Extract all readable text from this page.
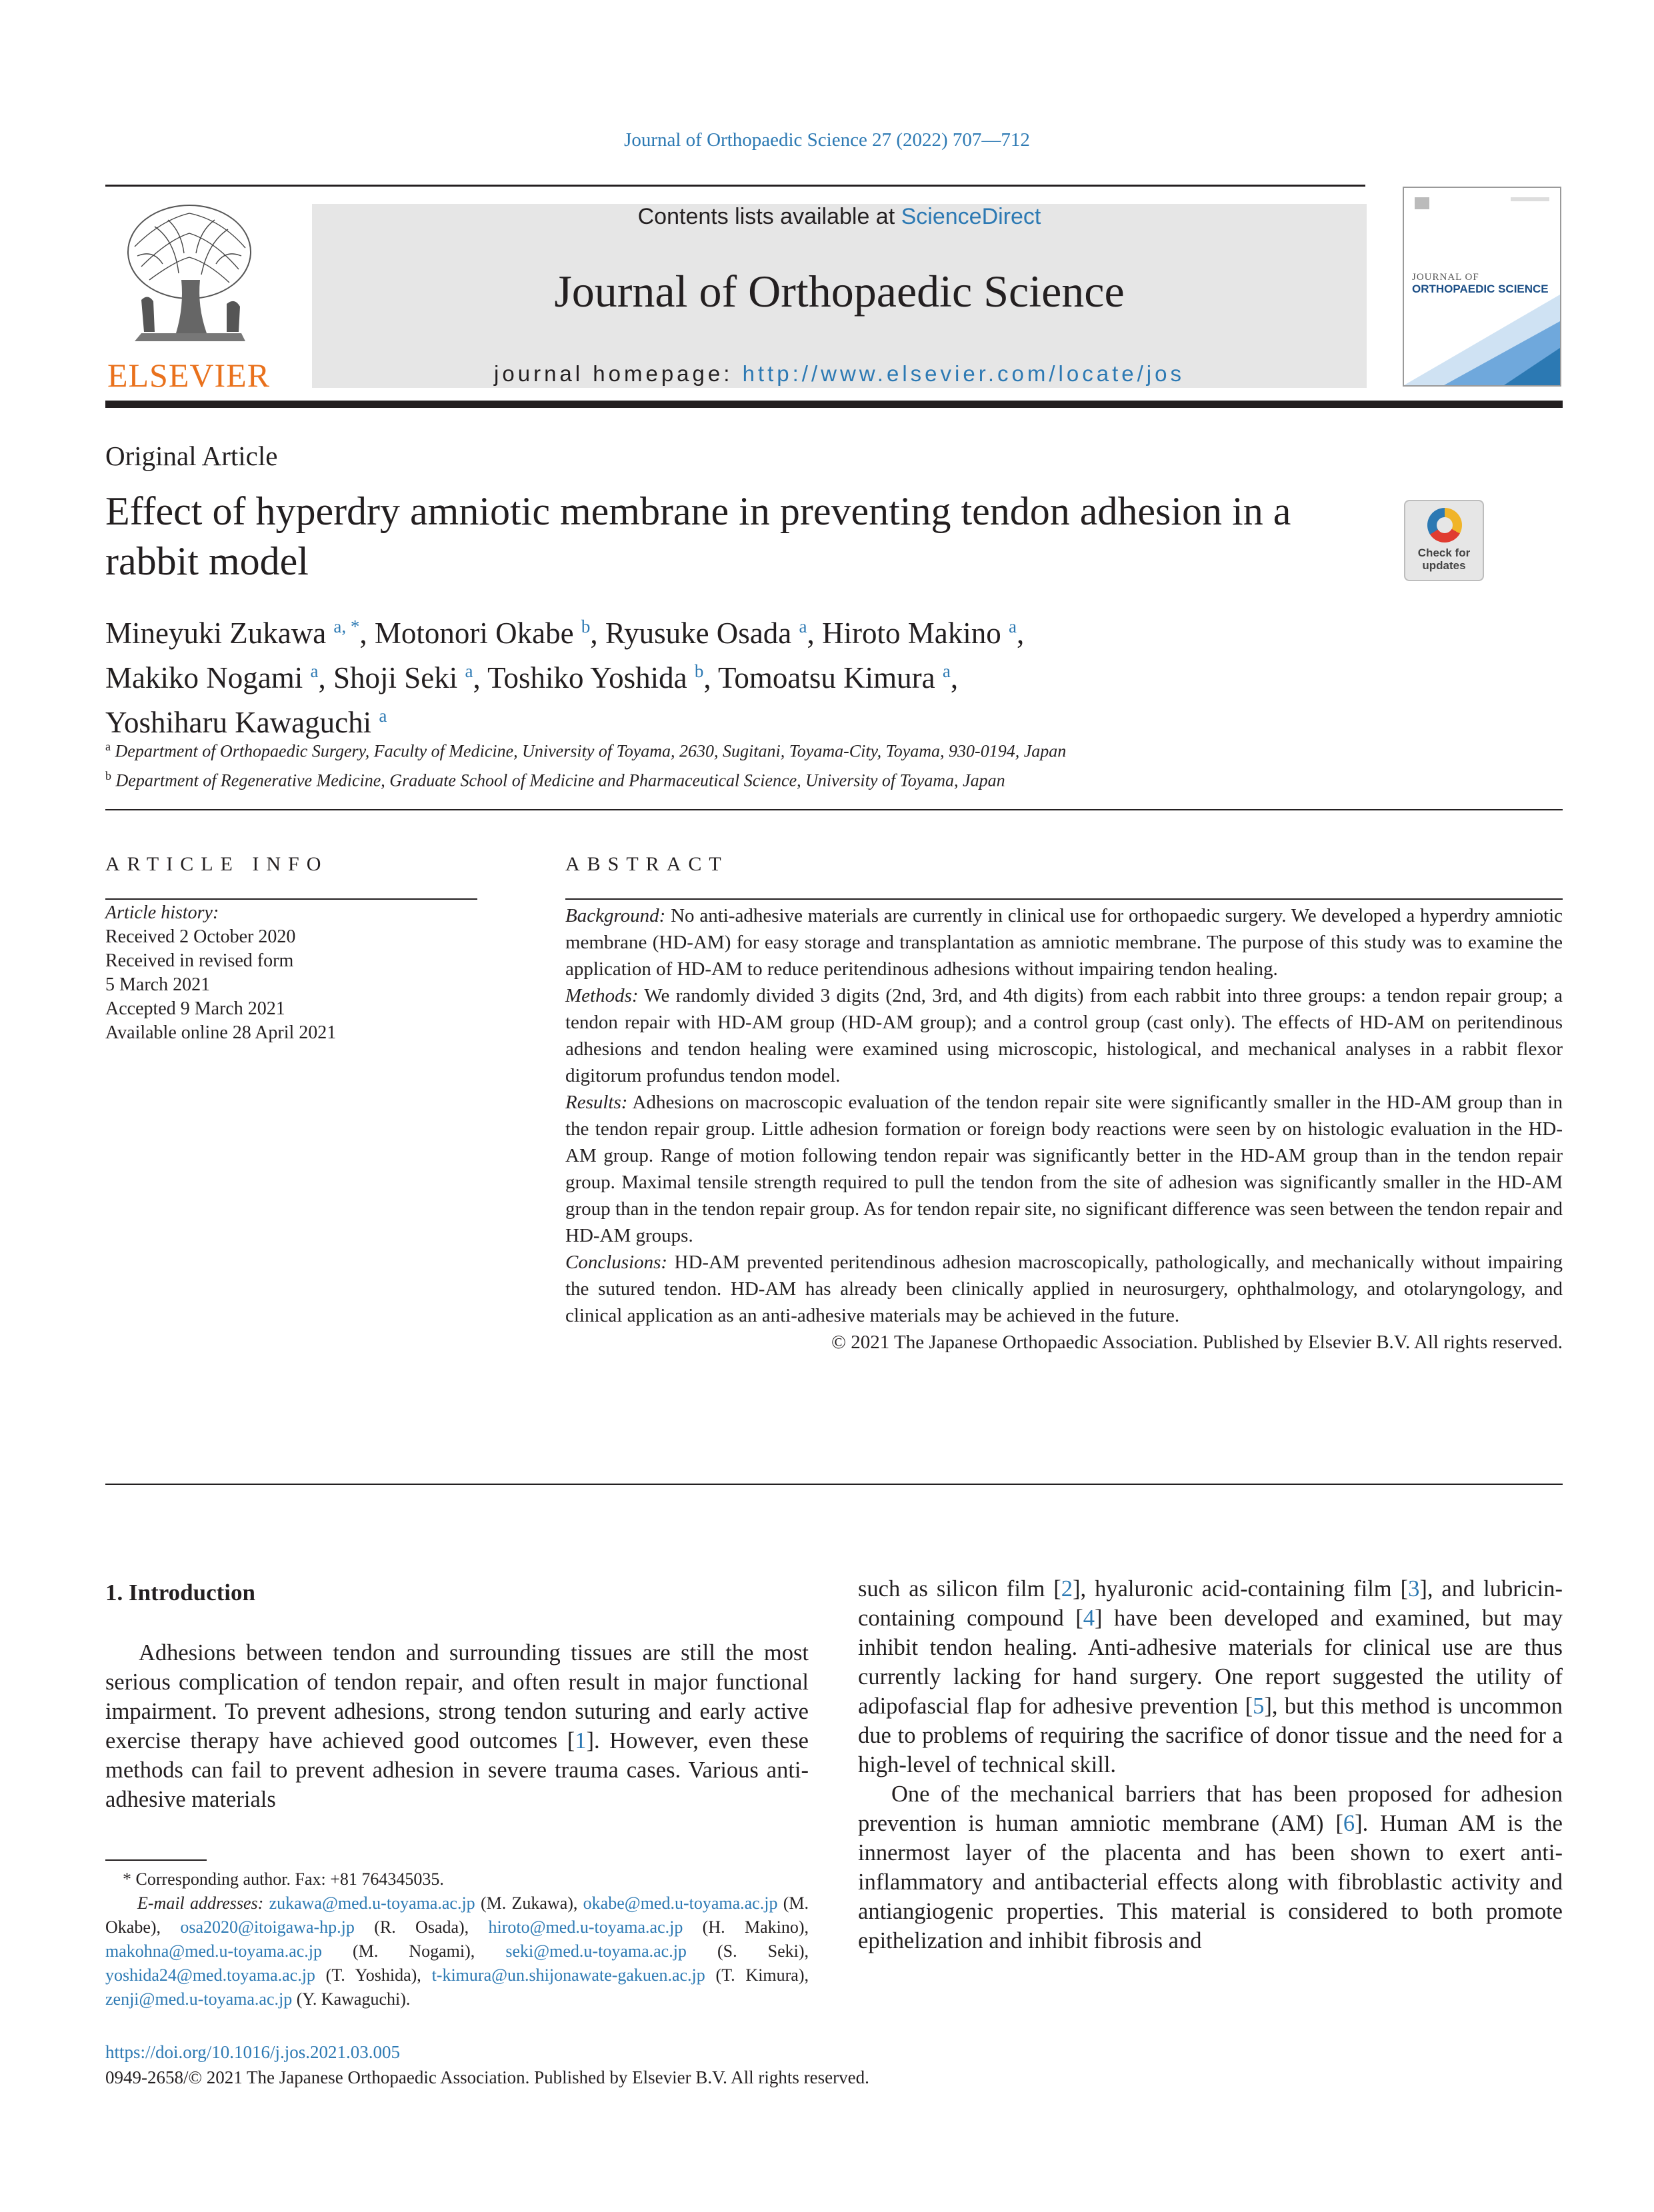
Journal of Orthopaedic Science 27 (2022) 707—712
ELSEVIER
Contents lists available at ScienceDirect
Journal of Orthopaedic Science
journal homepage: http://www.elsevier.com/locate/jos
JOURNAL OF
ORTHOPAEDIC SCIENCE
Original Article
Effect of hyperdry amniotic membrane in preventing tendon adhesion in a rabbit model	Check for
updates
Mineyuki Zukawa $^{a, *}$, Motonori Okabe $^b$, Ryusuke Osada $^a$, Hiroto Makino $^a$,
Makiko Nogami $^a$, Shoji Seki $^a$, Toshiko Yoshida $^b$, Tomoatsu Kimura $^a$,
Yoshiharu Kawaguchi $^a$
$^a$ Department of Orthopaedic Surgery, Faculty of Medicine, University of Toyama, 2630, Sugitani, Toyama-City, Toyama, 930-0194, Japan
$^b$ Department of Regenerative Medicine, Graduate School of Medicine and Pharmaceutical Science, University of Toyama, Japan
ARTICLE INFO
Article history:
Received 2 October 2020
Received in revised form
5 March 2021
Accepted 9 March 2021
Available online 28 April 2021
ABSTRACT

Background: No anti-adhesive materials are currently in clinical use for orthopaedic surgery. We developed a hyperdry amniotic membrane (HD-AM) for easy storage and transplantation as amniotic membrane. The purpose of this study was to examine the application of HD-AM to reduce peritendinous adhesions without impairing tendon healing.

Methods: We randomly divided 3 digits (2nd, 3rd, and 4th digits) from each rabbit into three groups: a tendon repair group; a tendon repair with HD-AM group (HD-AM group); and a control group (cast only). The effects of HD-AM on peritendinous adhesions and tendon healing were examined using microscopic, histological, and mechanical analyses in a rabbit flexor digitorum profundus tendon model.

Results: Adhesions on macroscopic evaluation of the tendon repair site were significantly smaller in the HD-AM group than in the tendon repair group. Little adhesion formation or foreign body reactions were seen by on histologic evaluation in the HD-AM group. Range of motion following tendon repair was significantly better in the HD-AM group than in the tendon repair group. Maximal tensile strength required to pull the tendon from the site of adhesion was significantly smaller in the HD-AM group than in the tendon repair group. As for tendon repair site, no significant difference was seen between the tendon repair and HD-AM groups.

Conclusions: HD-AM prevented peritendinous adhesion macroscopically, pathologically, and mechanically without impairing the sutured tendon. HD-AM has already been clinically applied in neurosurgery, ophthalmology, and otolaryngology, and clinical application as an anti-adhesive materials may be achieved in the future.

© 2021 The Japanese Orthopaedic Association. Published by Elsevier B.V. All rights reserved.

1. Introduction

Adhesions between tendon and surrounding tissues are still the most serious complication of tendon repair, and often result in major functional impairment. To prevent adhesions, strong tendon suturing and early active exercise therapy have achieved good outcomes [1]. However, even these methods can fail to prevent adhesion in severe trauma cases. Various anti-adhesive materials

such as silicon film [2], hyaluronic acid-containing film [3], and lubricin-containing compound [4] have been developed and examined, but may inhibit tendon healing. Anti-adhesive materials for clinical use are thus currently lacking for hand surgery. One report suggested the utility of adipofascial flap for adhesive prevention [5], but this method is uncommon due to problems of requiring the sacrifice of donor tissue and the need for a high-level of technical skill.

One of the mechanical barriers that has been proposed for adhesion prevention is human amniotic membrane (AM) [6]. Human AM is the innermost layer of the placenta and has been shown to exert anti-inflammatory and antibacterial effects along with fibroblastic activity and antiangiogenic properties. This material is considered to both promote epithelization and inhibit fibrosis and

* Corresponding author. Fax: +81 764345035.

E-mail addresses: zukawa@med.u-toyama.ac.jp (M. Zukawa), okabe@med.u-toyama.ac.jp (M. Okabe), osa2020@itoigawa-hp.jp (R. Osada), hiroto@med.u-toyama.ac.jp (H. Makino), makohna@med.u-toyama.ac.jp (M. Nogami), seki@med.u-toyama.ac.jp (S. Seki), yoshida24@med.toyama.ac.jp (T. Yoshida), t-kimura@un.shijonawate-gakuen.ac.jp (T. Kimura), zenji@med.u-toyama.ac.jp (Y. Kawaguchi).

https://doi.org/10.1016/j.jos.2021.03.005
0949-2658/© 2021 The Japanese Orthopaedic Association. Published by Elsevier B.V. All rights reserved.
